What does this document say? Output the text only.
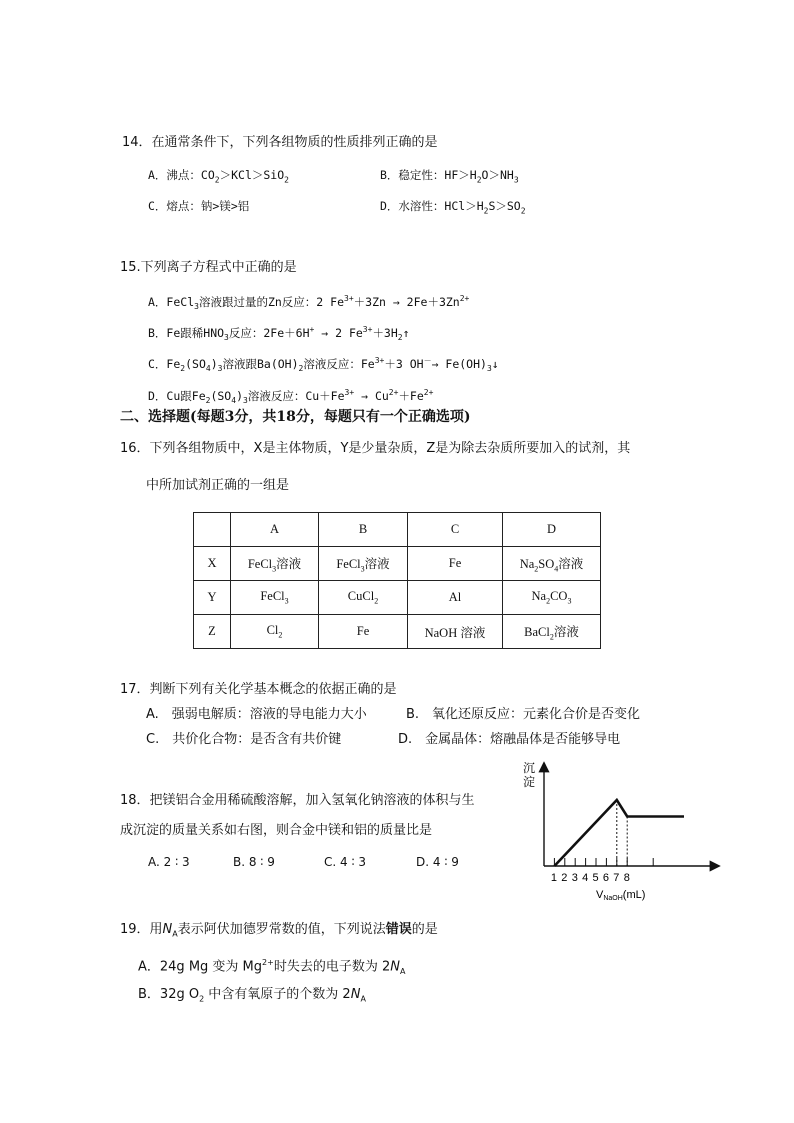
14．在通常条件下，下列各组物质的性质排列正确的是
A．沸点：$CO_2>KCl>SiO_2$	B．稳定性：$HF>H_2O>NH_3$
C．熔点：钠>镁>铝	D．水溶性：$HCl>H_2S>SO_2$
15.下列离子方程式中正确的是
A．FeCl$_3$溶液跟过量的Zn反应：2 $Fe^{3+}+3Zn \to 2Fe+3Zn^{2+}$
B．Fe跟稀$HNO_3$反应：2Fe＋6H+ → 2 $Fe^{3+}+3H_2↑$
C．$Fe_2(SO_4)_3$溶液跟$Ba(OH)_2$溶液反应：$Fe^{3+}+3$ $OH^-\to Fe(OH)_3↓$
D．Cu跟$Fe_2(SO_4)_3$溶液反应：$Cu+Fe^{3+} \to Cu^{2+}+Fe^{2+}$
二、选择题(每题3分，共18分，每题只有一个正确选项)
16．下列各组物质中，X是主体物质，Y是少量杂质，Z是为除去杂质所要加入的试剂，其
中所加试剂正确的一组是
	A	B	C	D
X	FeCl$_3$溶液	FeCl$_3$溶液	Fe	$Na_2SO_4$溶液
Y	FeCl$_3$	CuCl$_2$	Al	$Na_2CO_3$
Z	$Cl_2$	Fe	NaOH 溶液	BaCl$_2$溶液
17．判断下列有关化学基本概念的依据正确的是
A.　强弱电解质：溶液的导电能力大小	B.　氧化还原反应：元素化合价是否变化
C.　共价化合物：是否含有共价键	D.　金属晶体：熔融晶体是否能够导电
18．把镁铝合金用稀硫酸溶解，加入氢氧化钠溶液的体积与生
成沉淀的质量关系如右图，则合金中镁和铝的质量比是
A. 2 ∶ 3	B. 8 ∶ 9	C. 4 ∶ 3	D. 4 ∶ 9
沉
淀
1 2 3 4 5 6 7 8
VNaOH(mL)
19．用$N_A$表示阿伏加德罗常数的值，下列说法错误的是
A．24g Mg 变为 $Mg^{2+}$时失去的电子数为 $2N_A$
B．32g $O_2$ 中含有氧原子的个数为 $2N_A$
